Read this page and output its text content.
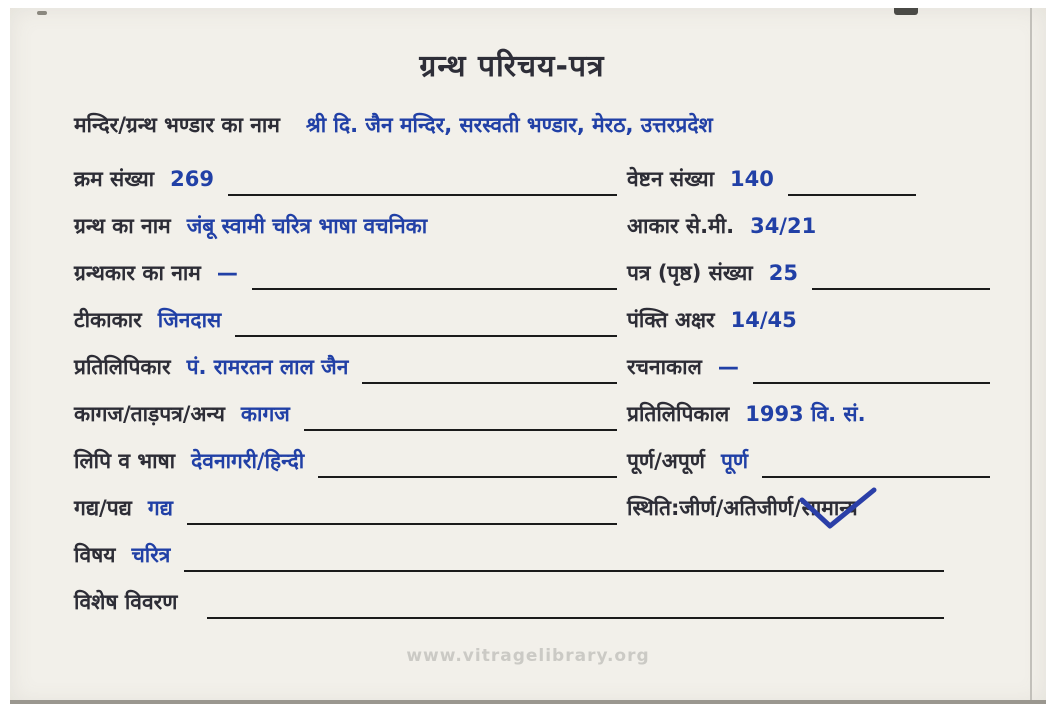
ग्रन्थ परिचय-पत्र
मन्दिर/ग्रन्थ भण्डार का नाम श्री दि. जैन मन्दिर, सरस्वती भण्डार, मेरठ, उत्तरप्रदेश
क्रम संख्या 269	वेष्टन संख्या 140
ग्रन्थ का नाम जंबू स्वामी चरित्र भाषा वचनिका	आकार से.मी. 34/21
ग्रन्थकार का नाम —	पत्र (पृष्ठ) संख्या 25
टीकाकार जिनदास	पंक्ति अक्षर 14/45
प्रतिलिपिकार पं. रामरतन लाल जैन	रचनाकाल —
कागज/ताड़पत्र/अन्य कागज	प्रतिलिपिकाल 1993 वि. सं.
लिपि व भाषा देवनागरी/हिन्दी	पूर्ण/अपूर्ण पूर्ण
गद्य/पद्य गद्य	स्थिति:जीर्ण/अतिजीर्ण/ सामान्य
विषय चरित्र
विशेष विवरण
www.vitragelibrary.org
